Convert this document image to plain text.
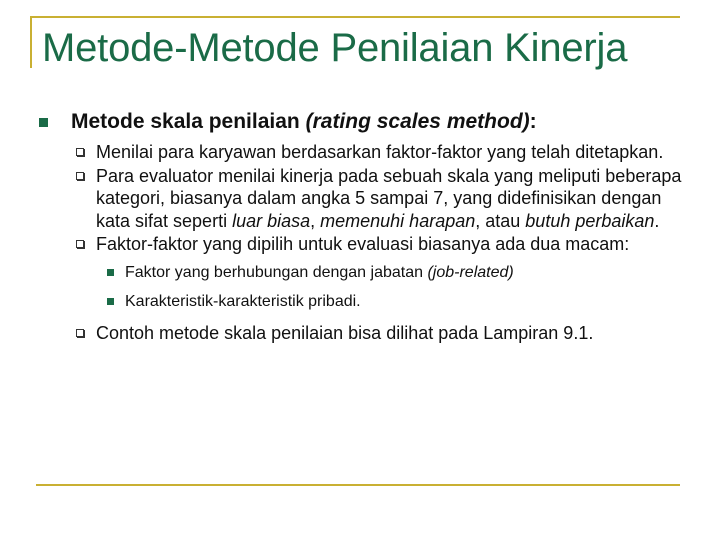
Metode-Metode Penilaian Kinerja
Metode skala penilaian (rating scales method):
Menilai para karyawan berdasarkan faktor-faktor yang telah ditetapkan.
Para evaluator menilai kinerja pada sebuah skala yang meliputi beberapa kategori, biasanya dalam angka 5 sampai 7, yang didefinisikan dengan kata sifat seperti luar biasa, memenuhi harapan, atau butuh perbaikan.
Faktor-faktor yang dipilih untuk evaluasi biasanya ada dua macam:
Faktor yang berhubungan dengan jabatan (job-related)
Karakteristik-karakteristik pribadi.
Contoh metode skala penilaian bisa dilihat pada Lampiran 9.1.
